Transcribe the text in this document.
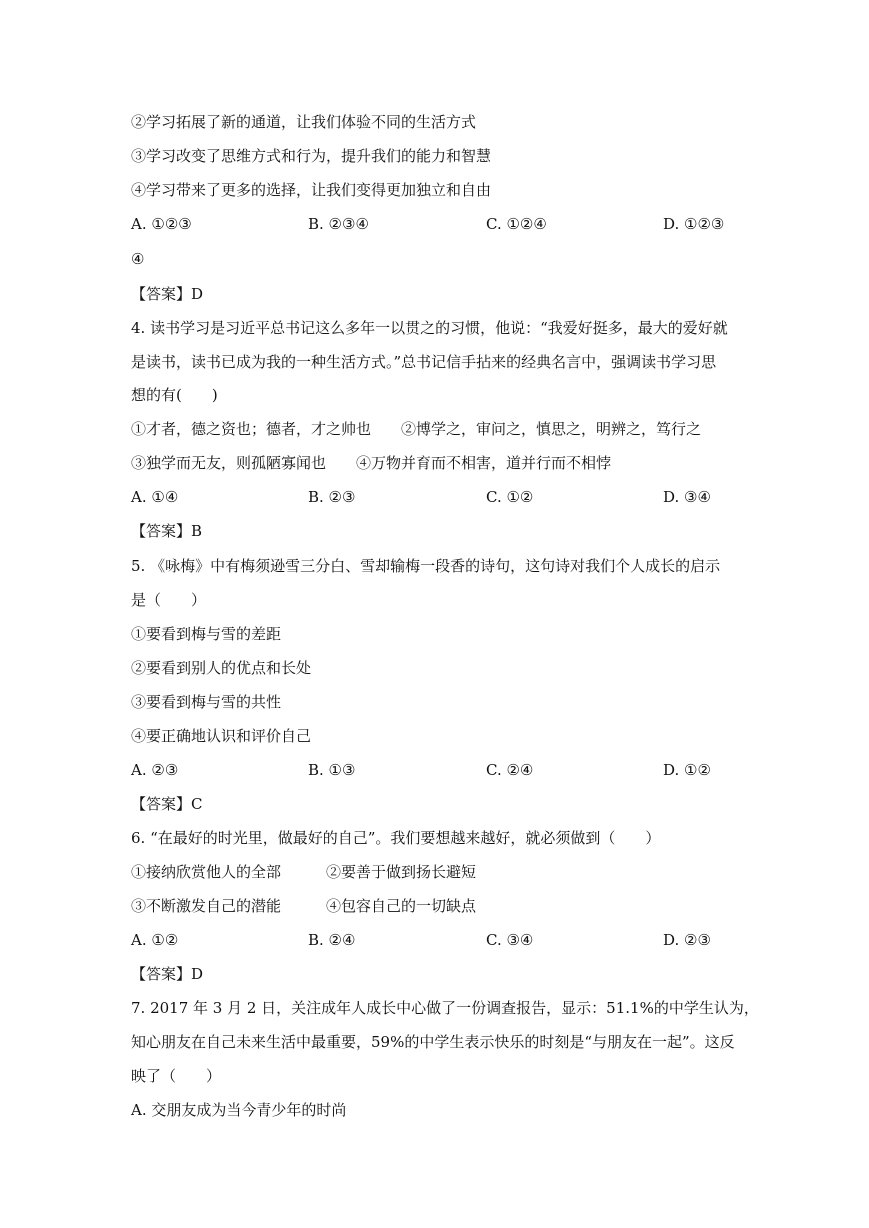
②学习拓展了新的通道，让我们体验不同的生活方式
③学习改变了思维方式和行为，提升我们的能力和智慧
④学习带来了更多的选择，让我们变得更加独立和自由
A. ①②③	B. ②③④	C. ①②④	D. ①②③
④
【答案】D
4. 读书学习是习近平总书记这么多年一以贯之的习惯，他说：“我爱好挺多，最大的爱好就
是读书，读书已成为我的一种生活方式。”总书记信手拈来的经典名言中，强调读书学习思
想的有(　　)
①才者，德之资也；德者，才之帅也　　②博学之，审问之，慎思之，明辨之，笃行之
③独学而无友，则孤陋寡闻也　　④万物并育而不相害，道并行而不相悖
A. ①④	B. ②③	C. ①②	D. ③④
【答案】B
5. 《咏梅》中有梅须逊雪三分白、雪却输梅一段香的诗句，这句诗对我们个人成长的启示
是（　　）
①要看到梅与雪的差距
②要看到别人的优点和长处
③要看到梅与雪的共性
④要正确地认识和评价自己
A. ②③	B. ①③	C. ②④	D. ①②
【答案】C
6. “在最好的时光里，做最好的自己”。我们要想越来越好，就必须做到（　　）
①接纳欣赏他人的全部　　　②要善于做到扬长避短
③不断激发自己的潜能　　　④包容自己的一切缺点
A. ①②	B. ②④	C. ③④	D. ②③
【答案】D
7. 2017 年 3 月 2 日，关注成年人成长中心做了一份调查报告，显示：51.1%的中学生认为，
知心朋友在自己未来生活中最重要，59%的中学生表示快乐的时刻是“与朋友在一起”。这反
映了（　　）
A. 交朋友成为当今青少年的时尚
